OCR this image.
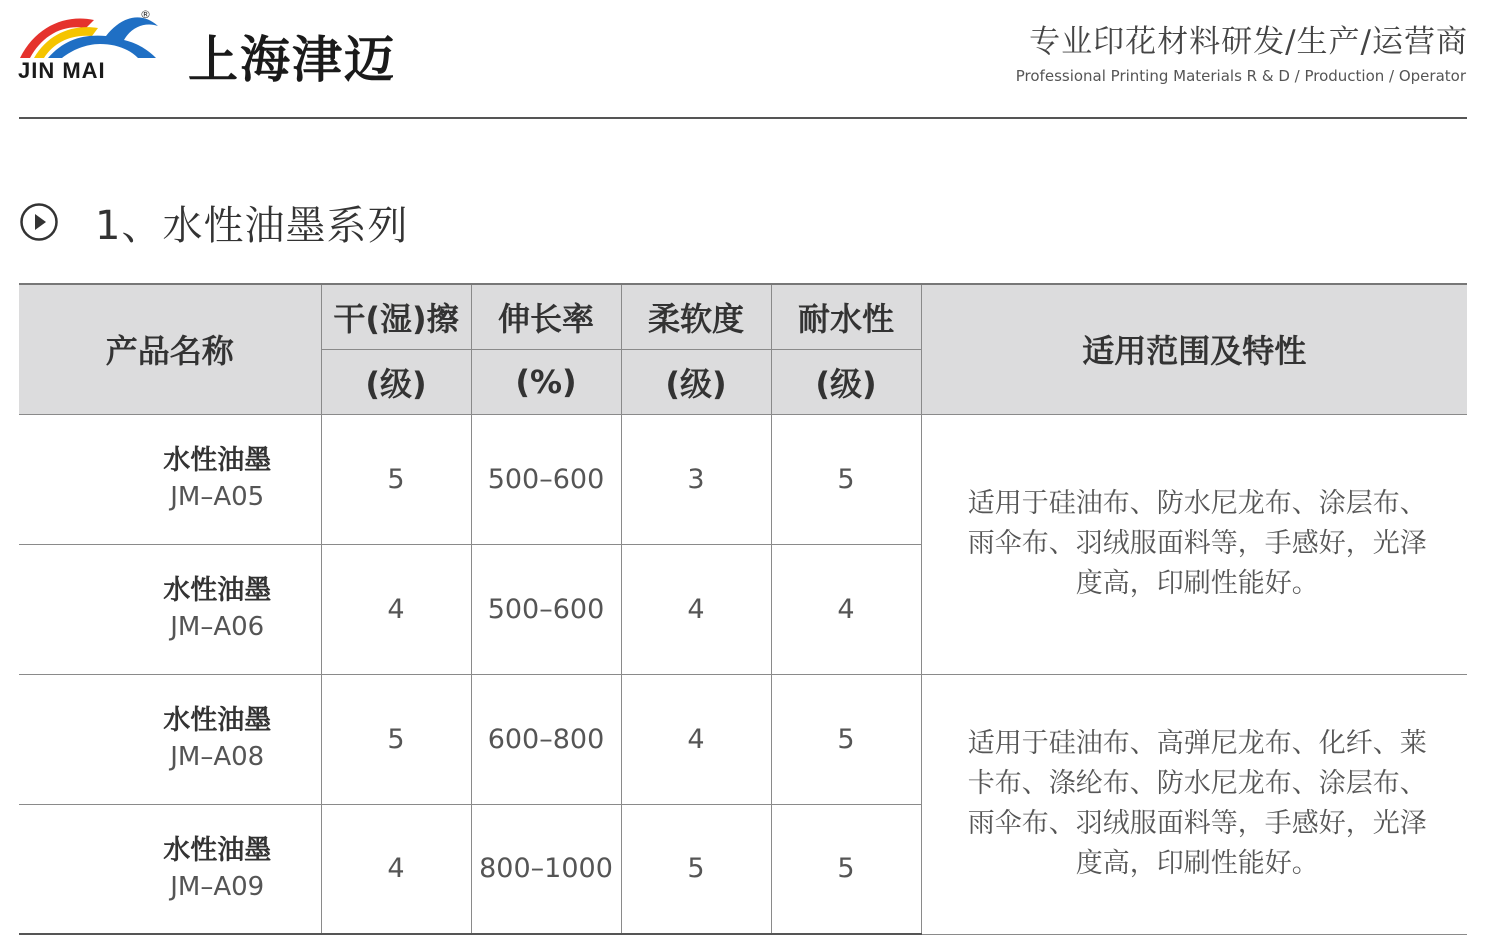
JIN MAI
®
上海津迈	专业印花材料研发/生产/运营商
Professional Printing Materials R & D / Production / Operator
1、水性油墨系列
产品名称	干(湿)擦	伸长率	柔软度	耐水性	适用范围及特性
	(级)	(%)	(级)	(级)	

水性油墨
JM–A05	5	500–600	3	5	适用于硅油布、防水尼龙布、涂层布、雨伞布、羽绒服面料等，手感好，光泽度高，印刷性能好。

水性油墨
JM–A06	4	500–600	4	4	

水性油墨
JM–A08	5	600–800	4	5	适用于硅油布、高弹尼龙布、化纤、莱卡布、涤纶布、防水尼龙布、涂层布、雨伞布、羽绒服面料等，手感好，光泽度高，印刷性能好。

水性油墨
JM–A09	4	800–1000	5	5	
